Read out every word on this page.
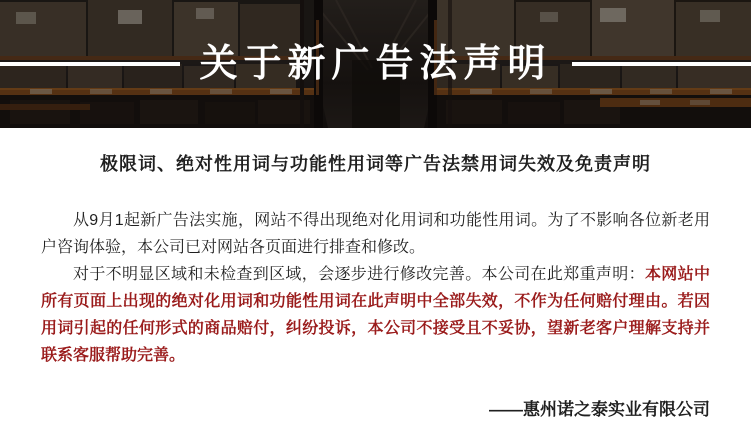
关于新广告法声明
极限词、绝对性用词与功能性用词等广告法禁用词失效及免责声明

从9月1起新广告法实施，网站不得出现绝对化用词和功能性用词。为了不影响各位新老用户咨询体验，本公司已对网站各页面进行排查和修改。

对于不明显区域和未检查到区域，会逐步进行修改完善。本公司在此郑重声明：本网站中所有页面上出现的绝对化用词和功能性用词在此声明中全部失效，不作为任何赔付理由。若因用词引起的任何形式的商品赔付，纠纷投诉，本公司不接受且不妥协，望新老客户理解支持并联系客服帮助完善。

——惠州诺之泰实业有限公司
